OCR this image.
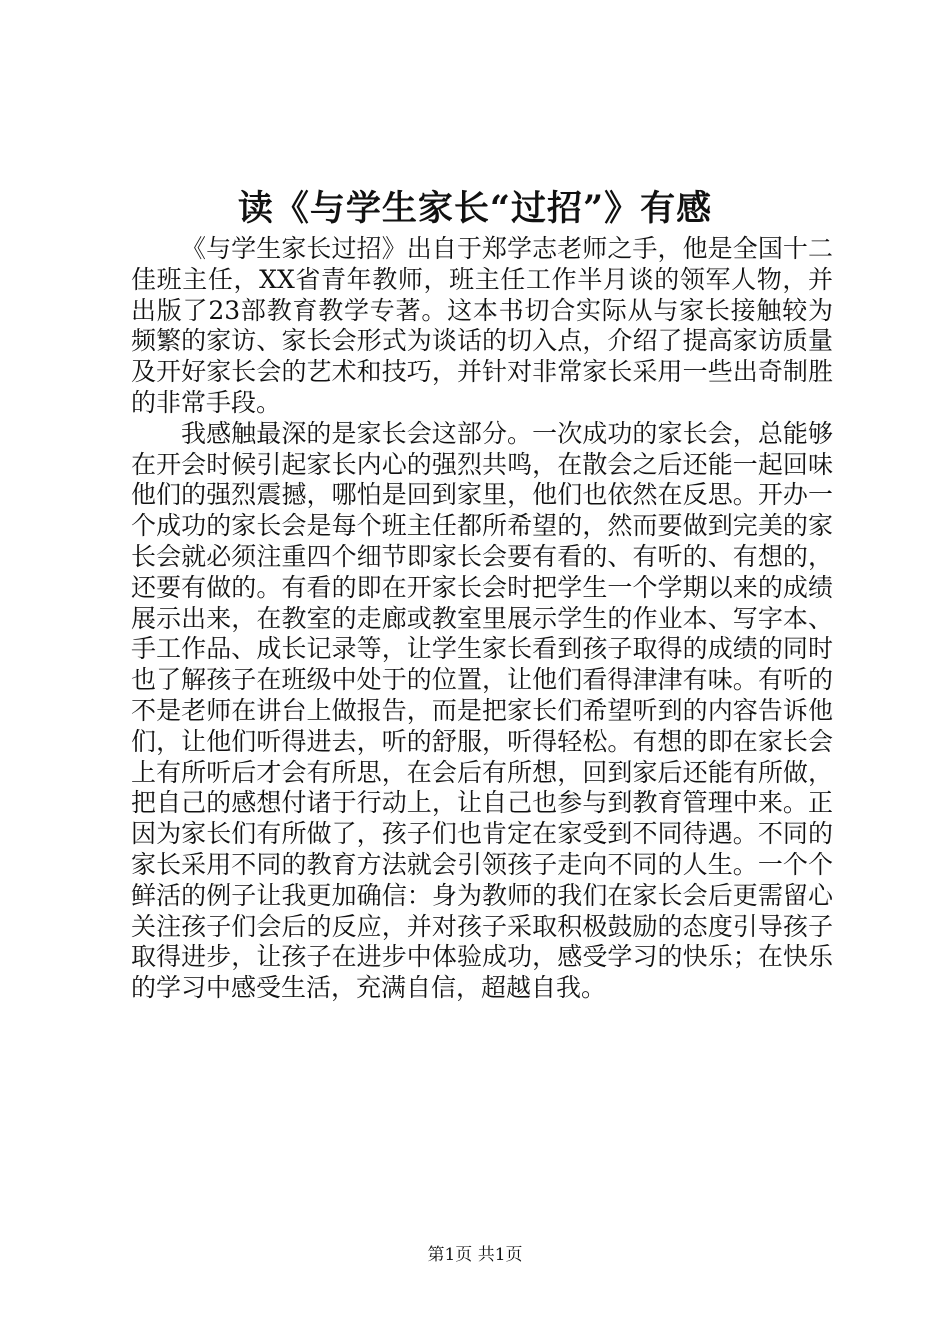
读《与学生家长“过招”》有感

《与学生家长过招》出自于郑学志老师之手，他是全国十二佳班主任，XX省青年教师，班主任工作半月谈的领军人物，并出版了23部教育教学专著。这本书切合实际从与家长接触较为频繁的家访、家长会形式为谈话的切入点，介绍了提高家访质量及开好家长会的艺术和技巧，并针对非常家长采用一些出奇制胜的非常手段。

我感触最深的是家长会这部分。一次成功的家长会，总能够在开会时候引起家长内心的强烈共鸣，在散会之后还能一起回味他们的强烈震撼，哪怕是回到家里，他们也依然在反思。开办一个成功的家长会是每个班主任都所希望的，然而要做到完美的家长会就必须注重四个细节即家长会要有看的、有听的、有想的，还要有做的。有看的即在开家长会时把学生一个学期以来的成绩展示出来，在教室的走廊或教室里展示学生的作业本、写字本、手工作品、成长记录等，让学生家长看到孩子取得的成绩的同时也了解孩子在班级中处于的位置，让他们看得津津有味。有听的不是老师在讲台上做报告，而是把家长们希望听到的内容告诉他们，让他们听得进去，听的舒服，听得轻松。有想的即在家长会上有所听后才会有所思，在会后有所想，回到家后还能有所做，把自己的感想付诸于行动上，让自己也参与到教育管理中来。正因为家长们有所做了，孩子们也肯定在家受到不同待遇。不同的家长采用不同的教育方法就会引领孩子走向不同的人生。一个个鲜活的例子让我更加确信：身为教师的我们在家长会后更需留心关注孩子们会后的反应，并对孩子采取积极鼓励的态度引导孩子取得进步，让孩子在进步中体验成功，感受学习的快乐；在快乐的学习中感受生活，充满自信，超越自我。

第1页 共1页
